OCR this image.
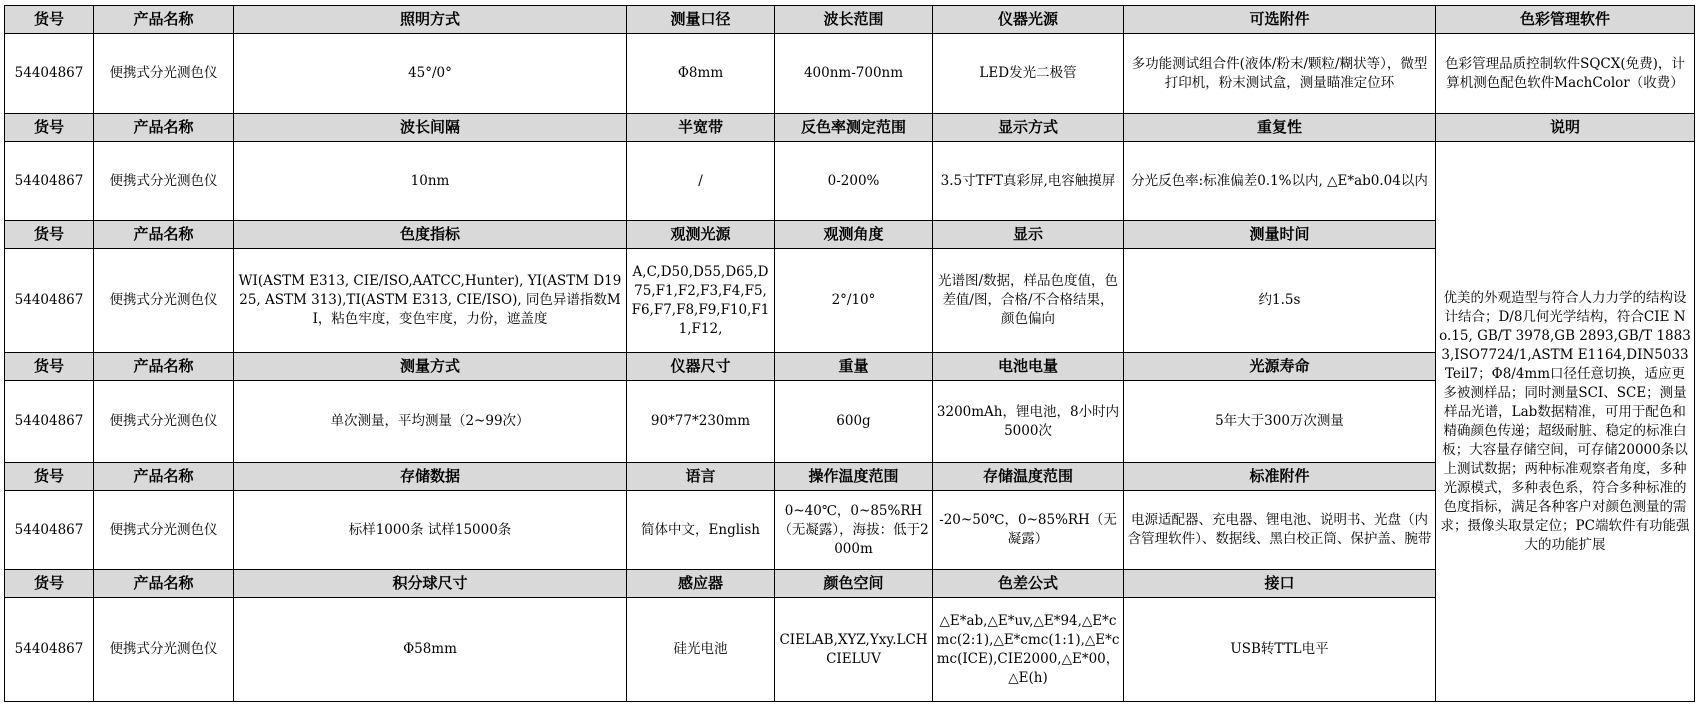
货号	产品名称	照明方式	测量口径	波长范围	仪器光源	可选附件	色彩管理软件
54404867	便携式分光测色仪	45°/0°	Φ8mm	400nm-700nm	LED发光二极管	多功能测试组合件(液体/粉末/颗粒/糊状等），微型打印机，粉末测试盒，测量瞄准定位环	色彩管理品质控制软件SQCX(免费)，计算机测色配色软件MachColor（收费）
货号	产品名称	波长间隔	半宽带	反色率测定范围	显示方式	重复性	说明
54404867	便携式分光测色仪	10nm	/	0-200%	3.5寸TFT真彩屏,电容触摸屏	分光反色率:标准偏差0.1%以内, △E*ab0.04以内	优美的外观造型与符合人力力学的结构设计结合；D/8几何光学结构，符合CIE No.15, GB/T 3978,GB 2893,GB/T 18833,ISO7724/1,ASTM E1164,DIN5033 Teil7；Φ8/4mm口径任意切换，适应更多被测样品；同时测量SCI、SCE；测量样品光谱，Lab数据精准，可用于配色和精确颜色传递；超级耐脏、稳定的标准白板；大容量存储空间，可存储20000条以上测试数据；两种标准观察者角度，多种光源模式，多种表色系，符合多种标准的色度指标，满足各种客户对颜色测量的需求；摄像头取景定位；PC端软件有功能强大的功能扩展
货号	产品名称	色度指标	观测光源	观测角度	显示	测量时间	
54404867	便携式分光测色仪	WI(ASTM E313, CIE/ISO,AATCC,Hunter), YI(ASTM D1925, ASTM 313),TI(ASTM E313, CIE/ISO), 同色异谱指数MI，粘色牢度，变色牢度，力份，遮盖度	A,C,D50,D55,D65,D75,F1,F2,F3,F4,F5,F6,F7,F8,F9,F10,F11,F12,	2°/10°	光谱图/数据，样品色度值，色差值/图，合格/不合格结果，颜色偏向	约1.5s	
货号	产品名称	测量方式	仪器尺寸	重量	电池电量	光源寿命	
54404867	便携式分光测色仪	单次测量，平均测量（2~99次）	90*77*230mm	600g	3200mAh，锂电池，8小时内5000次	5年大于300万次测量	
货号	产品名称	存储数据	语言	操作温度范围	存储温度范围	标准附件	
54404867	便携式分光测色仪	标样1000条 试样15000条	简体中文，English	0~40℃，0~85%RH（无凝露），海拔：低于2000m	-20~50℃，0~85%RH（无凝露）	电源适配器、充电器、锂电池、说明书、光盘（内含管理软件）、数据线、黑白校正筒、保护盖、腕带	
货号	产品名称	积分球尺寸	感应器	颜色空间	色差公式	接口	
54404867	便携式分光测色仪	Φ58mm	硅光电池	CIELAB,XYZ,Yxy.LCH CIELUV	△E*ab,△E*uv,△E*94,△E*cmc(2:1),△E*cmc(1:1),△E*cmc(ICE),CIE2000,△E*00， △E(h)	USB转TTL电平	
